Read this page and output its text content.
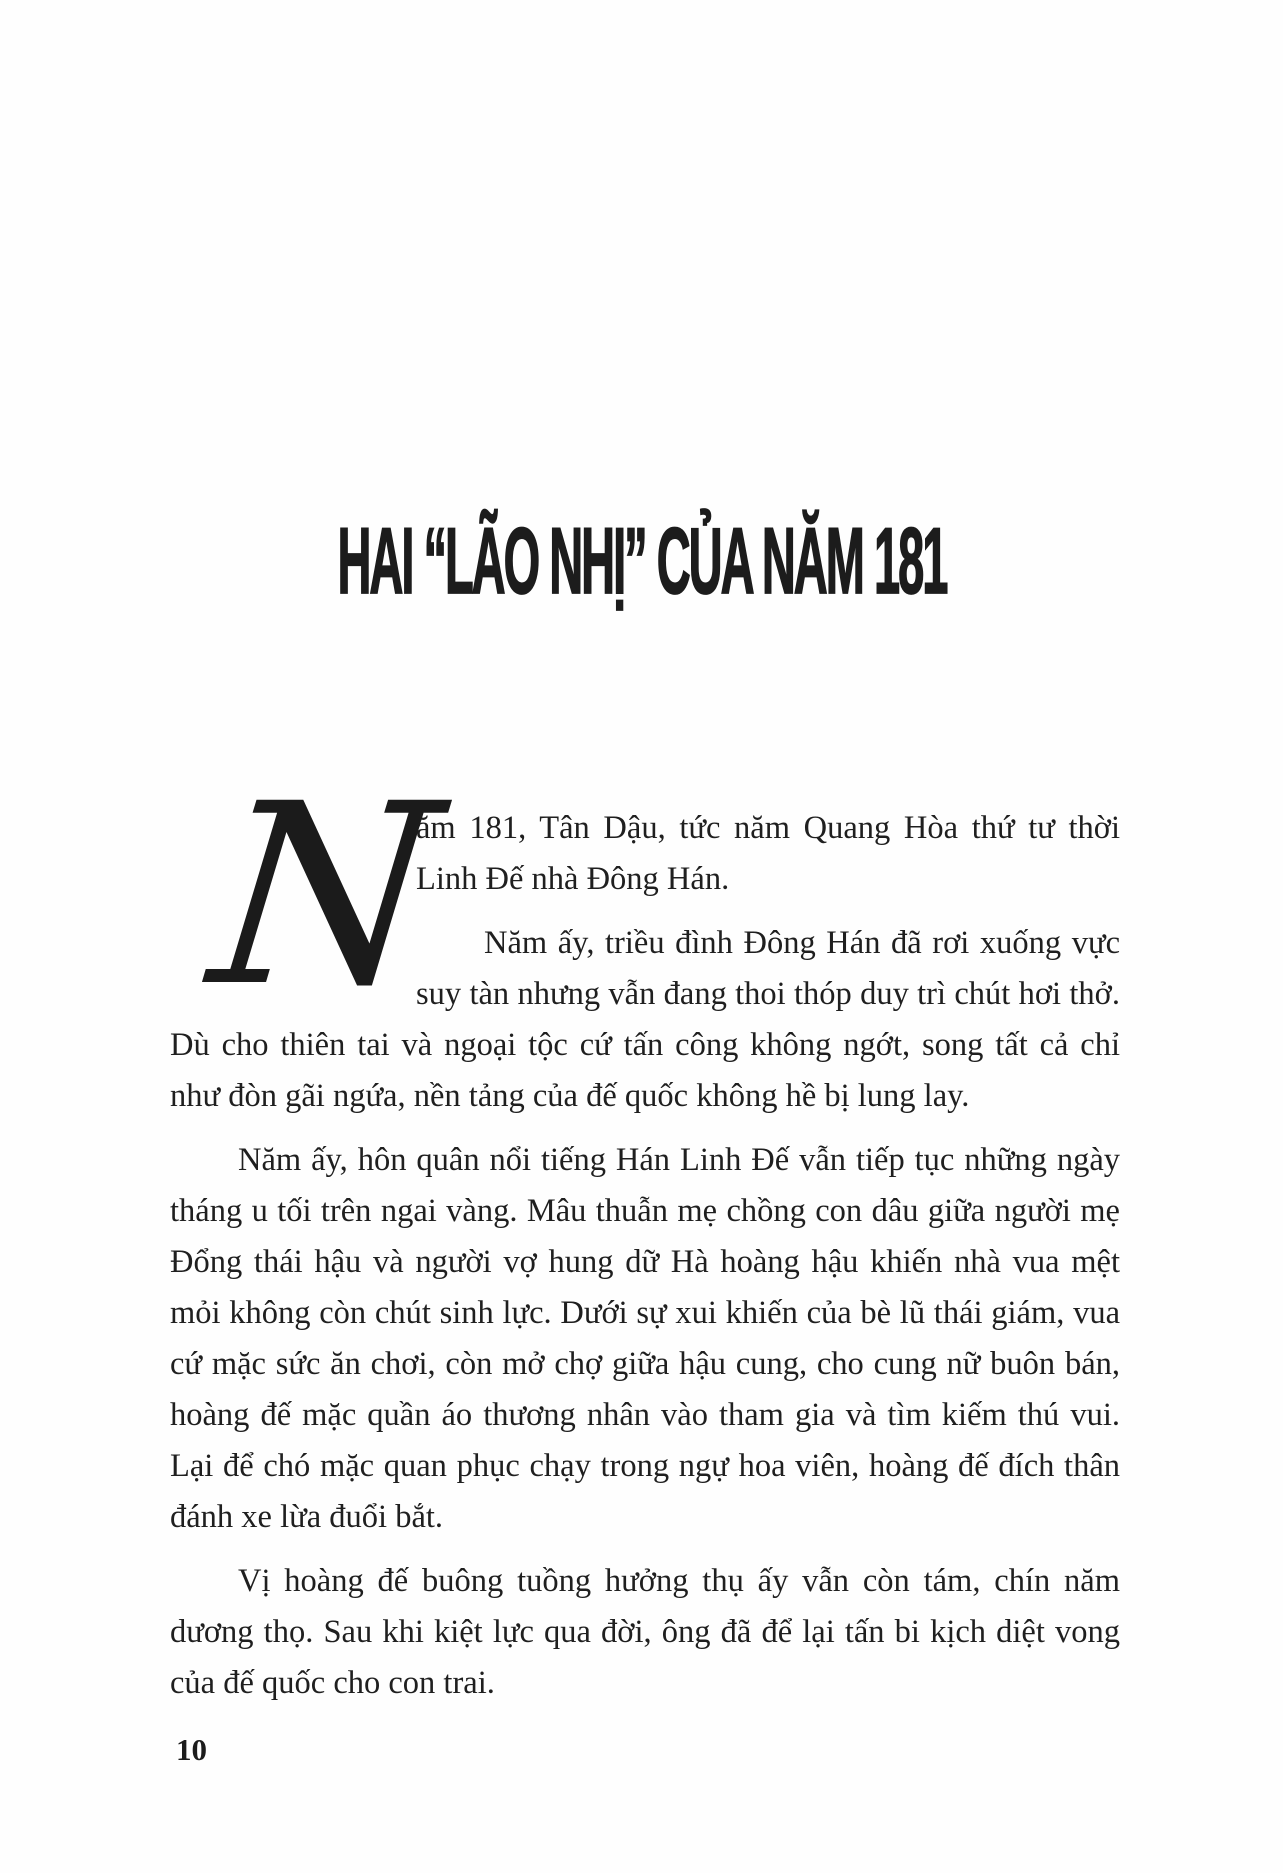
HAI “LÃO NHỊ” CỦA NĂM 181

N
ăm 181, Tân Dậu, tức năm Quang Hòa thứ tư thời Linh Đế nhà Đông Hán.

Năm ấy, triều đình Đông Hán đã rơi xuống vực suy tàn nhưng vẫn đang thoi thóp duy trì chút hơi thở. Dù cho thiên tai và ngoại tộc cứ tấn công không ngớt, song tất cả chỉ như đòn gãi ngứa, nền tảng của đế quốc không hề bị lung lay.

Năm ấy, hôn quân nổi tiếng Hán Linh Đế vẫn tiếp tục những ngày tháng u tối trên ngai vàng. Mâu thuẫn mẹ chồng con dâu giữa người mẹ Đổng thái hậu và người vợ hung dữ Hà hoàng hậu khiến nhà vua mệt mỏi không còn chút sinh lực. Dưới sự xui khiến của bè lũ thái giám, vua cứ mặc sức ăn chơi, còn mở chợ giữa hậu cung, cho cung nữ buôn bán, hoàng đế mặc quần áo thương nhân vào tham gia và tìm kiếm thú vui. Lại để chó mặc quan phục chạy trong ngự hoa viên, hoàng đế đích thân đánh xe lừa đuổi bắt.

Vị hoàng đế buông tuồng hưởng thụ ấy vẫn còn tám, chín năm dương thọ. Sau khi kiệt lực qua đời, ông đã để lại tấn bi kịch diệt vong của đế quốc cho con trai.

10
